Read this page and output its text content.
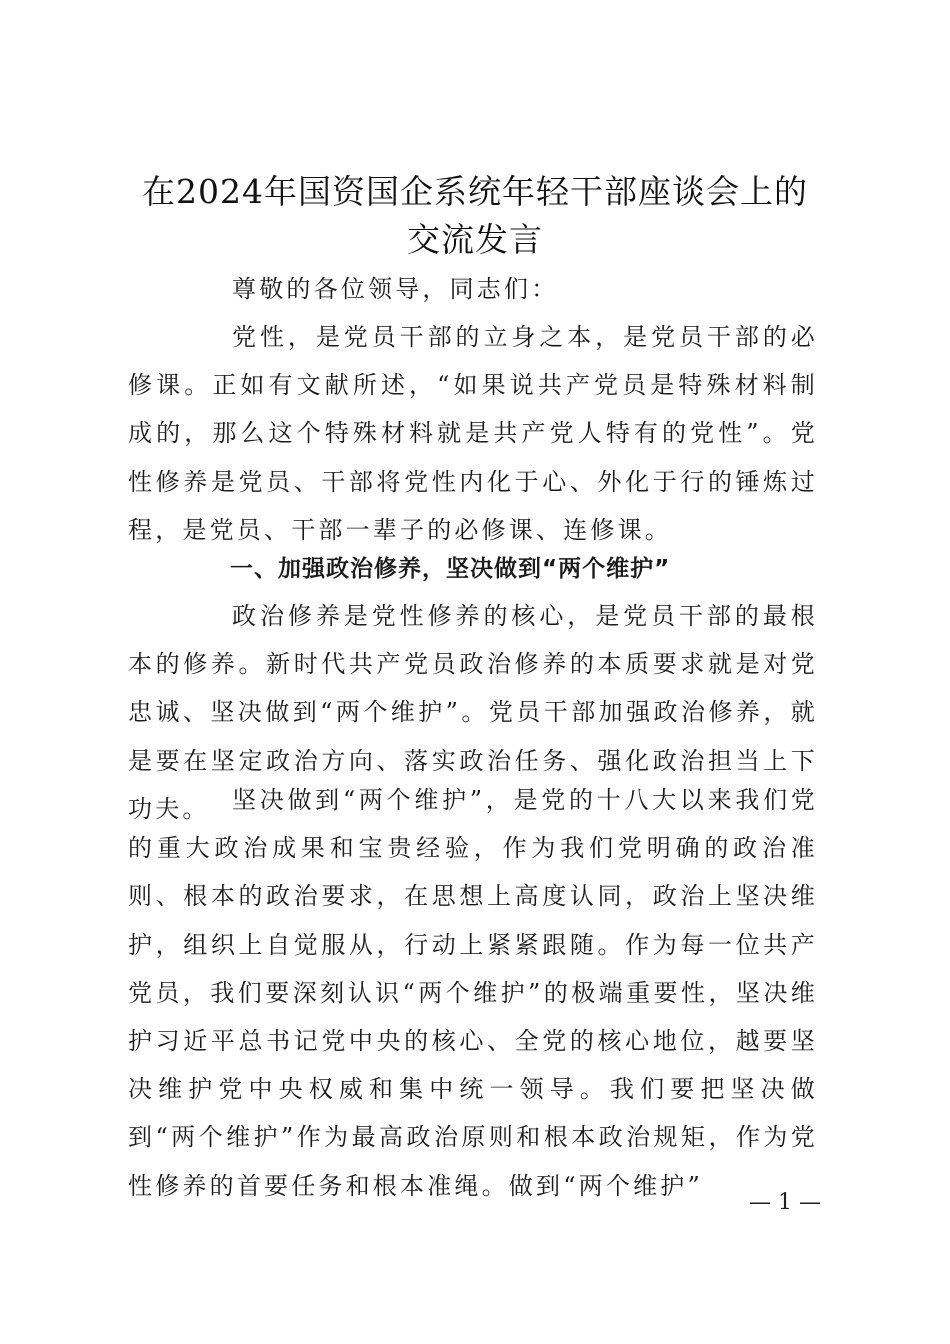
在2024年国资国企系统年轻干部座谈会上的
交流发言

尊敬的各位领导，同志们：

党性，是党员干部的立身之本，是党员干部的必修课。正如有文献所述，“如果说共产党员是特殊材料制成的，那么这个特殊材料就是共产党人特有的党性”。党性修养是党员、干部将党性内化于心、外化于行的锤炼过程，是党员、干部一辈子的必修课、连修课。

一、加强政治修养，坚决做到“两个维护”

政治修养是党性修养的核心，是党员干部的最根本的修养。新时代共产党员政治修养的本质要求就是对党忠诚、坚决做到“两个维护”。党员干部加强政治修养，就是要在坚定政治方向、落实政治任务、强化政治担当上下功夫。 坚决做到“两个维护”，是党的十八大以来我们党的重大政治成果和宝贵经验，作为我们党明确的政治准则、根本的政治要求，在思想上高度认同，政治上坚决维护，组织上自觉服从，行动上紧紧跟随。作为每一位共产党员，我们要深刻认识“两个维护”的极端重要性，坚决维护习近平总书记党中央的核心、全党的核心地位，越要坚决维护党中央权威和集中统一领导。我们要把坚决做到“两个维护”作为最高政治原则和根本政治规矩，作为党性修养的首要任务和根本准绳。做到“两个维护”

— 1 —
